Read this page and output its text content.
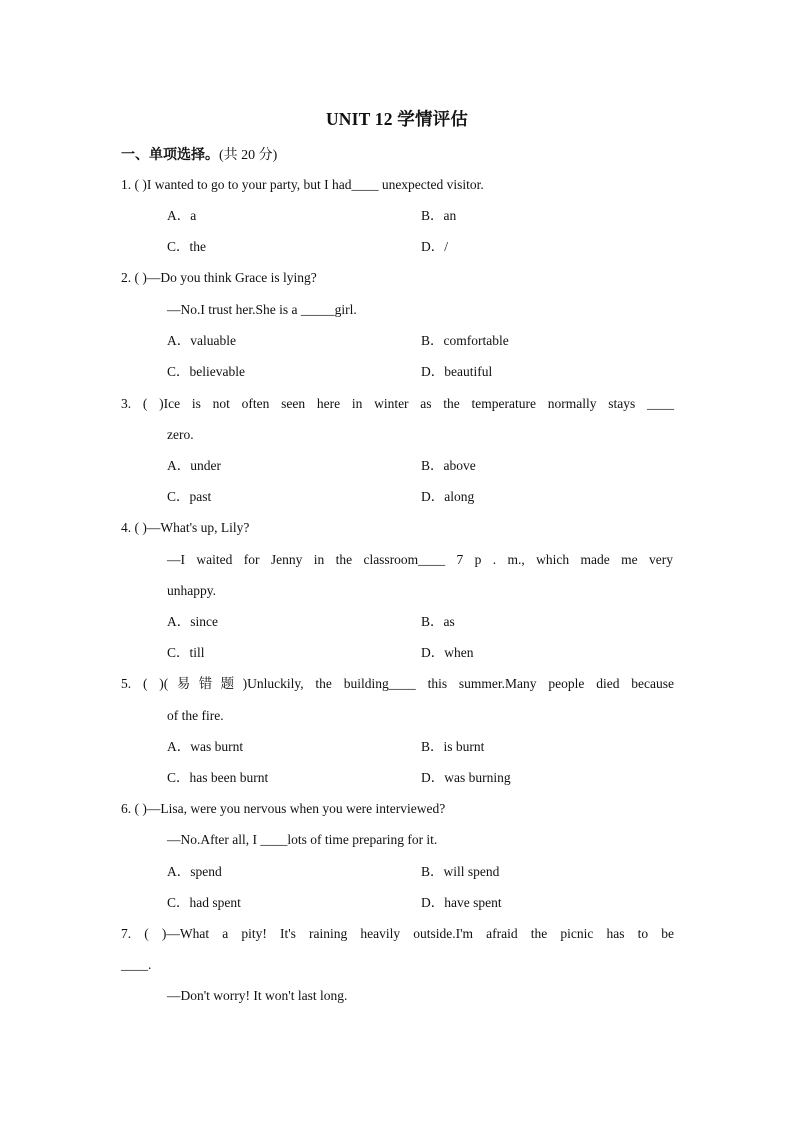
UNIT 12 学情评估
一、单项选择。(共 20 分)
1. ( )I wanted to go to your party, but I had____ unexpected visitor.
A．a	B．an
C．the	D．/
2. ( )—Do you think Grace is lying?
—No.I trust her.She is a _____girl.
A．valuable	B．comfortable
C．believable	D．beautiful
3. ( )Ice is not often seen here in winter as the temperature normally stays ____
zero.
A．under	B．above
C．past	D．along
4. ( )—What's up, Lily?
—I waited for Jenny in the classroom____ 7 p . m., which made me very
unhappy.
A．since	B．as
C．till	D．when
5. ( )(易错题)Unluckily, the building____ this summer.Many people died because
of the fire.
A．was burnt	B．is burnt
C．has been burnt	D．was burning
6. ( )—Lisa, were you nervous when you were interviewed?
—No.After all, I ____lots of time preparing for it.
A．spend	B．will spend
C．had spent	D．have spent
7. ( )—What a pity! It's raining heavily outside.I'm afraid the picnic has to be
____.
—Don't worry! It won't last long.
